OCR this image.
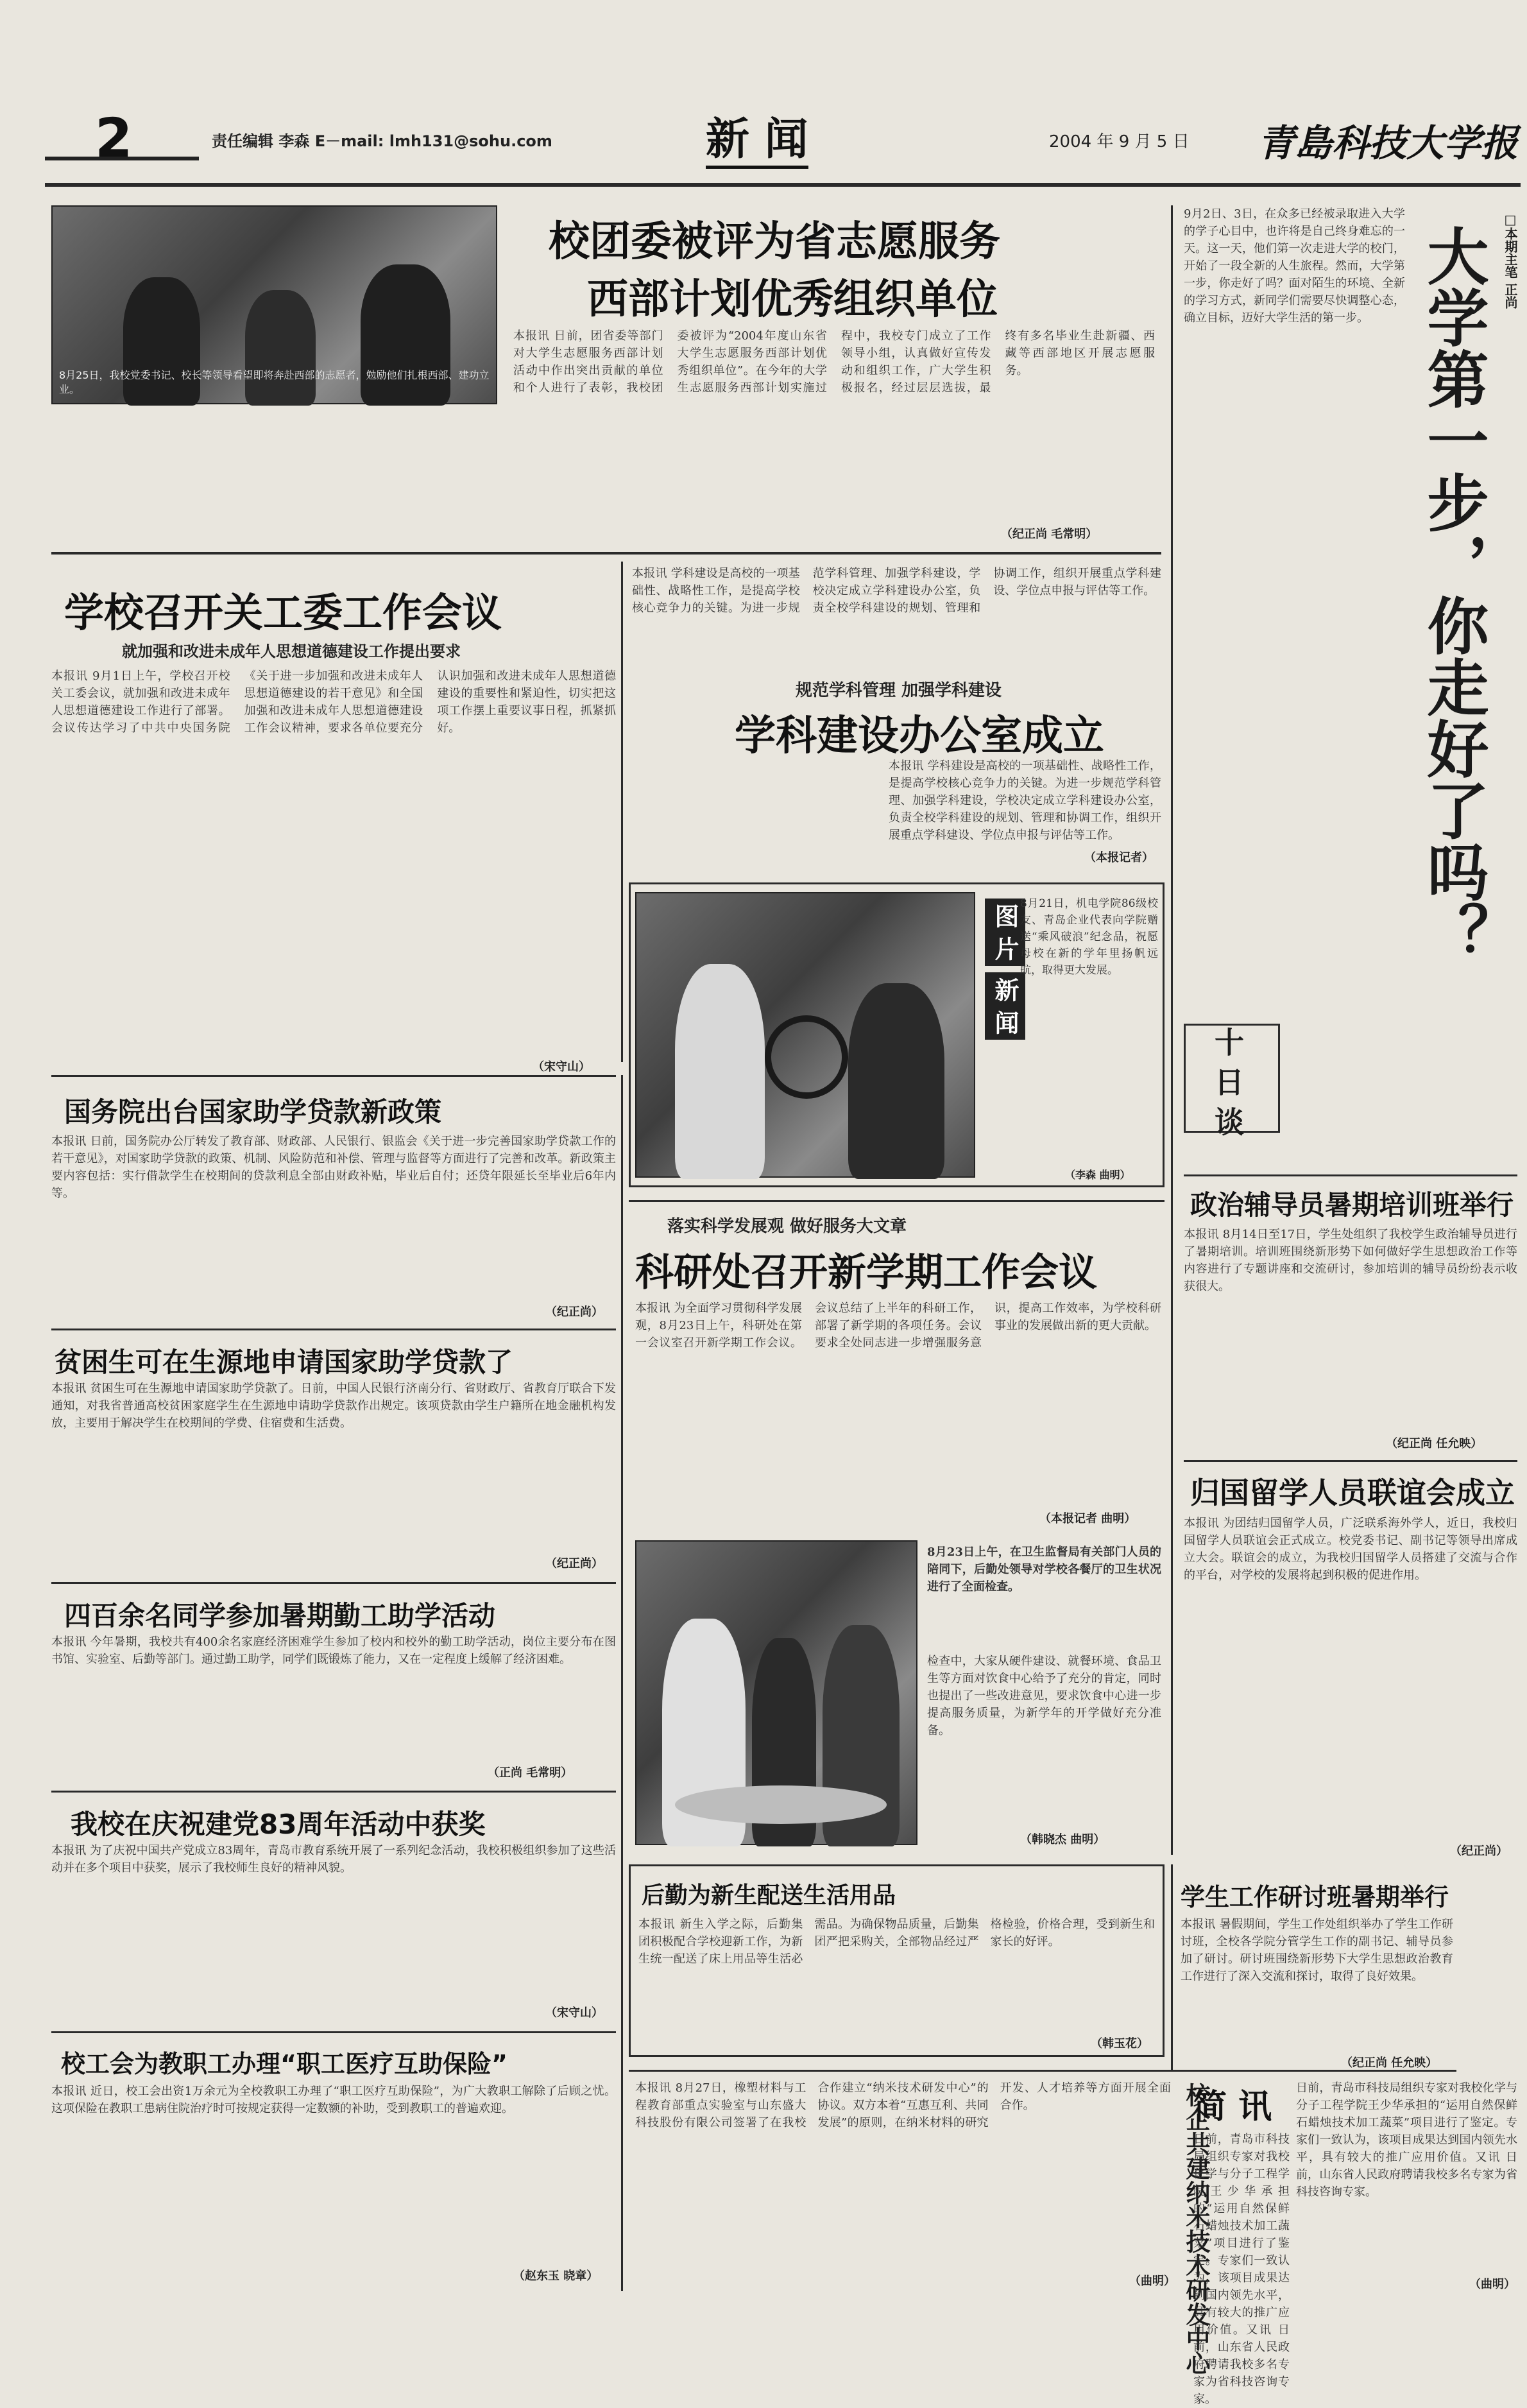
2	责任编辑 李森 E－mail: lmh131@sohu.com	新 闻	2004 年 9 月 5 日 青島科技大学报
8月25日，我校党委书记、校长等领导看望即将奔赴西部的志愿者，勉励他们扎根西部、建功立业。
校团委被评为省志愿服务
西部计划优秀组织单位
本报讯 日前，团省委等部门对大学生志愿服务西部计划活动中作出突出贡献的单位和个人进行了表彰，我校团委被评为“2004年度山东省大学生志愿服务西部计划优秀组织单位”。在今年的大学生志愿服务西部计划实施过程中，我校专门成立了工作领导小组，认真做好宣传发动和组织工作，广大学生积极报名，经过层层选拔，最终有多名毕业生赴新疆、西藏等西部地区开展志愿服务。
（纪正尚 毛常明）
学校召开关工委工作会议
就加强和改进未成年人思想道德建设工作提出要求
本报讯 9月1日上午，学校召开校关工委会议，就加强和改进未成年人思想道德建设工作进行了部署。会议传达学习了中共中央国务院《关于进一步加强和改进未成年人思想道德建设的若干意见》和全国加强和改进未成年人思想道德建设工作会议精神，要求各单位要充分认识加强和改进未成年人思想道德建设的重要性和紧迫性，切实把这项工作摆上重要议事日程，抓紧抓好。
（宋守山）
本报讯 学科建设是高校的一项基础性、战略性工作，是提高学校核心竞争力的关键。为进一步规范学科管理、加强学科建设，学校决定成立学科建设办公室，负责全校学科建设的规划、管理和协调工作，组织开展重点学科建设、学位点申报与评估等工作。
规范学科管理 加强学科建设
学科建设办公室成立
本报讯 学科建设是高校的一项基础性、战略性工作，是提高学校核心竞争力的关键。为进一步规范学科管理、加强学科建设，学校决定成立学科建设办公室，负责全校学科建设的规划、管理和协调工作，组织开展重点学科建设、学位点申报与评估等工作。
（本报记者）
图 片
新 闻
8月21日，机电学院86级校友、青岛企业代表向学院赠送“乘风破浪”纪念品，祝愿母校在新的学年里扬帆远航，取得更大发展。
（李森 曲明）
国务院出台国家助学贷款新政策
本报讯 日前，国务院办公厅转发了教育部、财政部、人民银行、银监会《关于进一步完善国家助学贷款工作的若干意见》，对国家助学贷款的政策、机制、风险防范和补偿、管理与监督等方面进行了完善和改革。新政策主要内容包括：实行借款学生在校期间的贷款利息全部由财政补贴，毕业后自付；还贷年限延长至毕业后6年内等。
（纪正尚）
贫困生可在生源地申请国家助学贷款了
本报讯 贫困生可在生源地申请国家助学贷款了。日前，中国人民银行济南分行、省财政厅、省教育厅联合下发通知，对我省普通高校贫困家庭学生在生源地申请助学贷款作出规定。该项贷款由学生户籍所在地金融机构发放，主要用于解决学生在校期间的学费、住宿费和生活费。
（纪正尚）
四百余名同学参加暑期勤工助学活动
本报讯 今年暑期，我校共有400余名家庭经济困难学生参加了校内和校外的勤工助学活动，岗位主要分布在图书馆、实验室、后勤等部门。通过勤工助学，同学们既锻炼了能力，又在一定程度上缓解了经济困难。
（正尚 毛常明）
我校在庆祝建党83周年活动中获奖
本报讯 为了庆祝中国共产党成立83周年，青岛市教育系统开展了一系列纪念活动，我校积极组织参加了这些活动并在多个项目中获奖，展示了我校师生良好的精神风貌。
（宋守山）
校工会为教职工办理“职工医疗互助保险”
本报讯 近日，校工会出资1万余元为全校教职工办理了“职工医疗互助保险”，为广大教职工解除了后顾之忧。这项保险在教职工患病住院治疗时可按规定获得一定数额的补助，受到教职工的普遍欢迎。
（赵东玉 晓章）
落实科学发展观 做好服务大文章
科研处召开新学期工作会议
本报讯 为全面学习贯彻科学发展观，8月23日上午，科研处在第一会议室召开新学期工作会议。会议总结了上半年的科研工作，部署了新学期的各项任务。会议要求全处同志进一步增强服务意识，提高工作效率，为学校科研事业的发展做出新的更大贡献。
（本报记者 曲明）
8月23日上午，在卫生监督局有关部门人员的陪同下，后勤处领导对学校各餐厅的卫生状况进行了全面检查。
检查中，大家从硬件建设、就餐环境、食品卫生等方面对饮食中心给予了充分的肯定，同时也提出了一些改进意见，要求饮食中心进一步提高服务质量，为新学年的开学做好充分准备。
（韩晓杰 曲明）
后勤为新生配送生活用品
本报讯 新生入学之际，后勤集团积极配合学校迎新工作，为新生统一配送了床上用品等生活必需品。为确保物品质量，后勤集团严把采购关，全部物品经过严格检验，价格合理，受到新生和家长的好评。
（韩玉花）
本报讯 8月27日，橡塑材料与工程教育部重点实验室与山东盛大科技股份有限公司签署了在我校合作建立“纳米技术研发中心”的协议。双方本着“互惠互利、共同发展”的原则，在纳米材料的研究开发、人才培养等方面开展全面合作。
（曲明） 校企共建纳米技术研发中心
学生工作研讨班暑期举行
本报讯 暑假期间，学生工作处组织举办了学生工作研讨班，全校各学院分管学生工作的副书记、辅导员参加了研讨。研讨班围绕新形势下大学生思想政治教育工作进行了深入交流和探讨，取得了良好效果。
（纪正尚 任允映）
9月2日、3日，在众多已经被录取进入大学的学子心目中，也许将是自己终身难忘的一天。这一天，他们第一次走进大学的校门，开始了一段全新的人生旅程。然而，大学第一步，你走好了吗？面对陌生的环境、全新的学习方式，新同学们需要尽快调整心态，确立目标，迈好大学生活的第一步。
□本期主笔 正尚
大学第一步，你走好了吗？
十 日 谈
政治辅导员暑期培训班举行
本报讯 8月14日至17日，学生处组织了我校学生政治辅导员进行了暑期培训。培训班围绕新形势下如何做好学生思想政治工作等内容进行了专题讲座和交流研讨，参加培训的辅导员纷纷表示收获很大。
（纪正尚 任允映）
归国留学人员联谊会成立
本报讯 为团结归国留学人员，广泛联系海外学人，近日，我校归国留学人员联谊会正式成立。校党委书记、副书记等领导出席成立大会。联谊会的成立，为我校归国留学人员搭建了交流与合作的平台，对学校的发展将起到积极的促进作用。
（纪正尚）
简 讯 日前，青岛市科技局组织专家对我校化学与分子工程学院王少华承担的“运用自然保鲜石蜡烛技术加工蔬菜”项目进行了鉴定。专家们一致认为，该项目成果达到国内领先水平，具有较大的推广应用价值。又讯 日前，山东省人民政府聘请我校多名专家为省科技咨询专家。
日前，青岛市科技局组织专家对我校化学与分子工程学院王少华承担的“运用自然保鲜石蜡烛技术加工蔬菜”项目进行了鉴定。专家们一致认为，该项目成果达到国内领先水平，具有较大的推广应用价值。又讯 日前，山东省人民政府聘请我校多名专家为省科技咨询专家。
（曲明）
